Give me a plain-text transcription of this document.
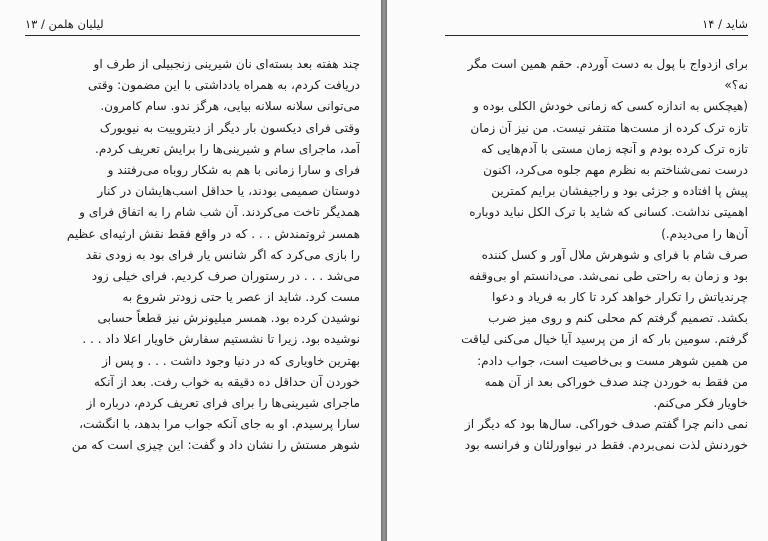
لیلیان هلمن / ۱۳
چند هفته بعد بسته‌ای نان شیرینی زنجبیلی از طرف او
دریافت کردم، به همراه یادداشتی با این مضمون: وقتی
می‌توانی سلانه سلانه بیایی، هرگز ندو. سام کامرون.
وقتی فرای دیکسون بار دیگر از دیتروییت به نیویورک
آمد، ماجرای سام و شیرینی‌ها را برایش تعریف کردم.
فرای و سارا زمانی با هم به شکار روباه می‌رفتند و
دوستان صمیمی بودند، یا حداقل اسب‌هایشان در کنار
همدیگر تاخت می‌کردند. آن شب شام را به اتفاق فرای و
همسر ثروتمندش . . . که در واقع فقط نقش ارثیه‌ای عظیم
را بازی می‌کرد که اگر شانس یار فرای بود به زودی نقد
می‌شد . . . در رستوران صرف کردیم. فرای خیلی زود
مست کرد. شاید از عصر یا حتی زودتر شروع به
نوشیدن کرده بود. همسر میلیونرش نیز قطعاً حسابی
نوشیده بود. زیرا تا نشستیم سفارش خاویار اعلا داد . . .
بهترین خاویاری که در دنیا وجود داشت . . . و پس از
خوردن آن حداقل ده دقیقه به خواب رفت. بعد از آنکه
ماجرای شیرینی‌ها را برای فرای تعریف کردم، درباره از
سارا پرسیدم. او به جای آنکه جواب مرا بدهد، با انگشت،
شوهر مستش را نشان داد و گفت: این چیزی است که من
۱۴ / شاید
برای ازدواج با پول به دست آوردم. حقم همین است مگر
نه؟»
(هیچکس به اندازه کسی که زمانی خودش الکلی بوده و
تازه ترک کرده از مست‌ها متنفر نیست. من نیز آن زمان
تازه ترک کرده بودم و آنچه زمان مستی با آدم‌هایی که
درست نمی‌شناختم به نظرم مهم جلوه می‌کرد، اکنون
پیش پا افتاده و جزئی بود و راجیفشان برایم کمترین
اهمیتی نداشت. کسانی که شاید با ترک الکل نباید دوباره
آن‌ها را می‌دیدم.)
صرف شام با فرای و شوهرش ملال آور و کسل کننده
بود و زمان به راحتی طی نمی‌شد. می‌دانستم او بی‌وقفه
چرندیاتش را تکرار خواهد کرد تا کار به فریاد و دعوا
بکشد. تصمیم گرفتم کم محلی کنم و روی میز ضرب
گرفتم. سومین بار که از من پرسید آیا خیال می‌کنی لیاقت
من همین شوهر مست و بی‌خاصیت است، جواب دادم:
من فقط به خوردن چند صدف خوراکی بعد از آن همه
خاویار فکر می‌کنم.
نمی دانم چرا گفتم صدف خوراکی. سال‌ها بود که دیگر از
خوردنش لذت نمی‌بردم. فقط در نیواورلئان و فرانسه بود
